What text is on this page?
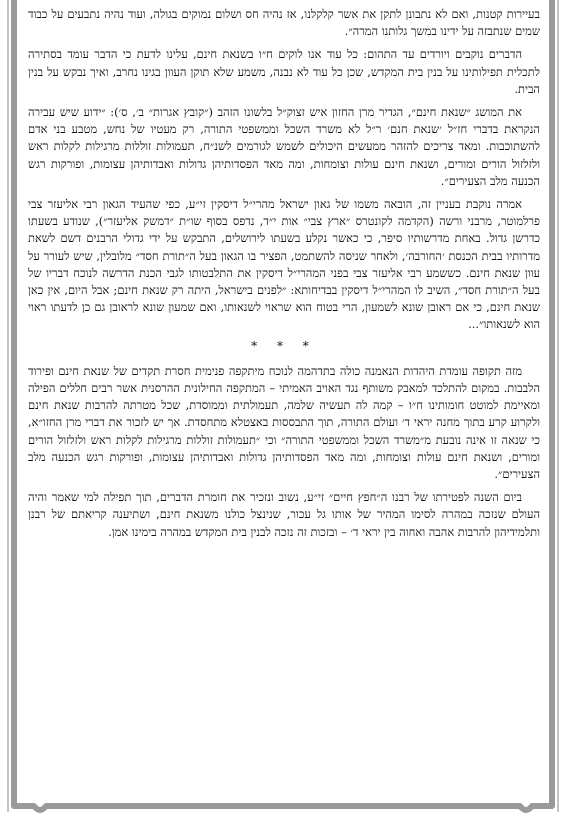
בעיירות קטנות, ואם לא נתבונן לתקן את אשר קלקלנו, אז נהיה חס ושלום נמוקים בגולה, ועוד נהיה נתבעים על כבוד שמים שנתבזה על ידינו במשך גלותנו המרה״.

הדברים נוקבים ויורדים עד התהום: כל עוד אנו לוקים ח״ו בשנאת חינם, עלינו לדעת כי הדבר עומד בסתירה לתכלית תפילותינו על בנין בית המקדש, שכן כל עוד לא נבנה, משמע שלא תוקן העוון בגינו נחרב, ואיך נבקש על בנין הבית.

את המושג ״שנאת חינם״, הגדיר מרן החזון איש זצוק״ל בלשונו הזהב (״קובץ אגרות״ ב׳, ס׳): ״ידוע שיש עבירה הנקראת בדברי חז״ל ׳שנאת חנם׳ ר״ל לא משרד השכל וממשפטי התורה, רק מעטיו של נחש, מטבע בני אדם להשתוכבות. ומאד צריכים להזהר ממעשים היכולים לשמש לגורמים לשנ״ח, תעמולות זוללות מרגילות לקלות ראש ולזלזול הורים ומורים, ושנאת חינם עולות וצומחות, ומה מאד הפסדותיהן גדולות ואבדותיהן עצומות, ופורקות רגש הכנעה מלב הצעירים״.

אמרה נוקבת בעניין זה, הובאה משמו של גאון ישראל מהרי״ל דיסקין זי״ע, כפי שהעיד הגאון רבי אליעזר צבי פרלמוטר, מרבני ורשה (הקדמה לקונטרס ״ארץ צבי״ אות י״ד, נדפס בסוף שו״ת ״דמשק אליעזר״), שנודע בשעתו כדרשן גדול. באחת מדרשותיו סיפר, כי כאשר נקלע בשעתו לירושלים, התבקש על ידי גדולי הרבנים דשם לשאת מדרותיו בבית הכנסת ׳החורבה׳, ולאחר שניסה להשתמט, הפציר בו הגאון בעל ה״תורת חסד״ מלובלין, שיש לעורר על עוון שנאת חינם. כששמע רבי אליעזר צבי בפני המהרי״ל דיסקין את התלבטותו לגבי הכנת הדרשה לנוכח דבריו של בעל ה״תורת חסד״, השיב לו המהרי״ל דיסקין בבדיחותא: ״לפנים בישראל, היתה רק שנאת חינם; אבל היום, אין כאן שנאת חינם, כי אם ראובן שונא לשמעון, הרי בטוח הוא שראוי לשנאותו, ואם שמעון שונא לראובן גם כן לדעתו ראוי הוא לשנאותו״...

* * *

מזה תקופה עומדת היהדות הנאמנה כולה בתדהמה לנוכח מיתקפה פנימית חסרת תקדים של שנאת חינם ופירוד הלבבות. במקום להתלכד למאבק משותף נגד האויב האמיתי – המתקפה החילונית ההרסנית אשר רבים חללים הפילה ומאיימת למוטט חומותינו ח״ו – קמה לה תעשיה שלמה, תעמולתית וממוסדת, שכל מטרתה להרבות שנאת חינם ולקרוע קרע בתוך מחנה יראי ד׳ ועולם התורה, תוך התבססות באצטלא מתחסדת. אך יש לזכור את דברי מרן החזו״א, כי שנאה זו אינה נובעת מ״משרד השכל וממשפטי התורה״ וכי ״תעמולות זוללות מרגילות לקלות ראש ולזלזול הורים ומורים, ושנאת חינם עולות וצומחות, ומה מאד הפסדותיהן גדולות ואבדותיהן עצומות, ופורקות רגש הכנעה מלב הצעירים״.

ביום השנה לפטירתו של רבנו ה״חפץ חיים״ זי״ע, נשוב ונזכיר את חומרת הדברים, תוך תפילה למי שאמר והיה העולם שנזכה במהרה לסימו המהיר של אותו גל עכור, שנינצל כולנו משנאת חינם, ושתיענה קריאתם של רבנן ותלמידיהון להרבות אהבה ואחוה בין יראי ד׳ – ובזכות זה נזכה לבנין בית המקדש במהרה בימינו אמן.
